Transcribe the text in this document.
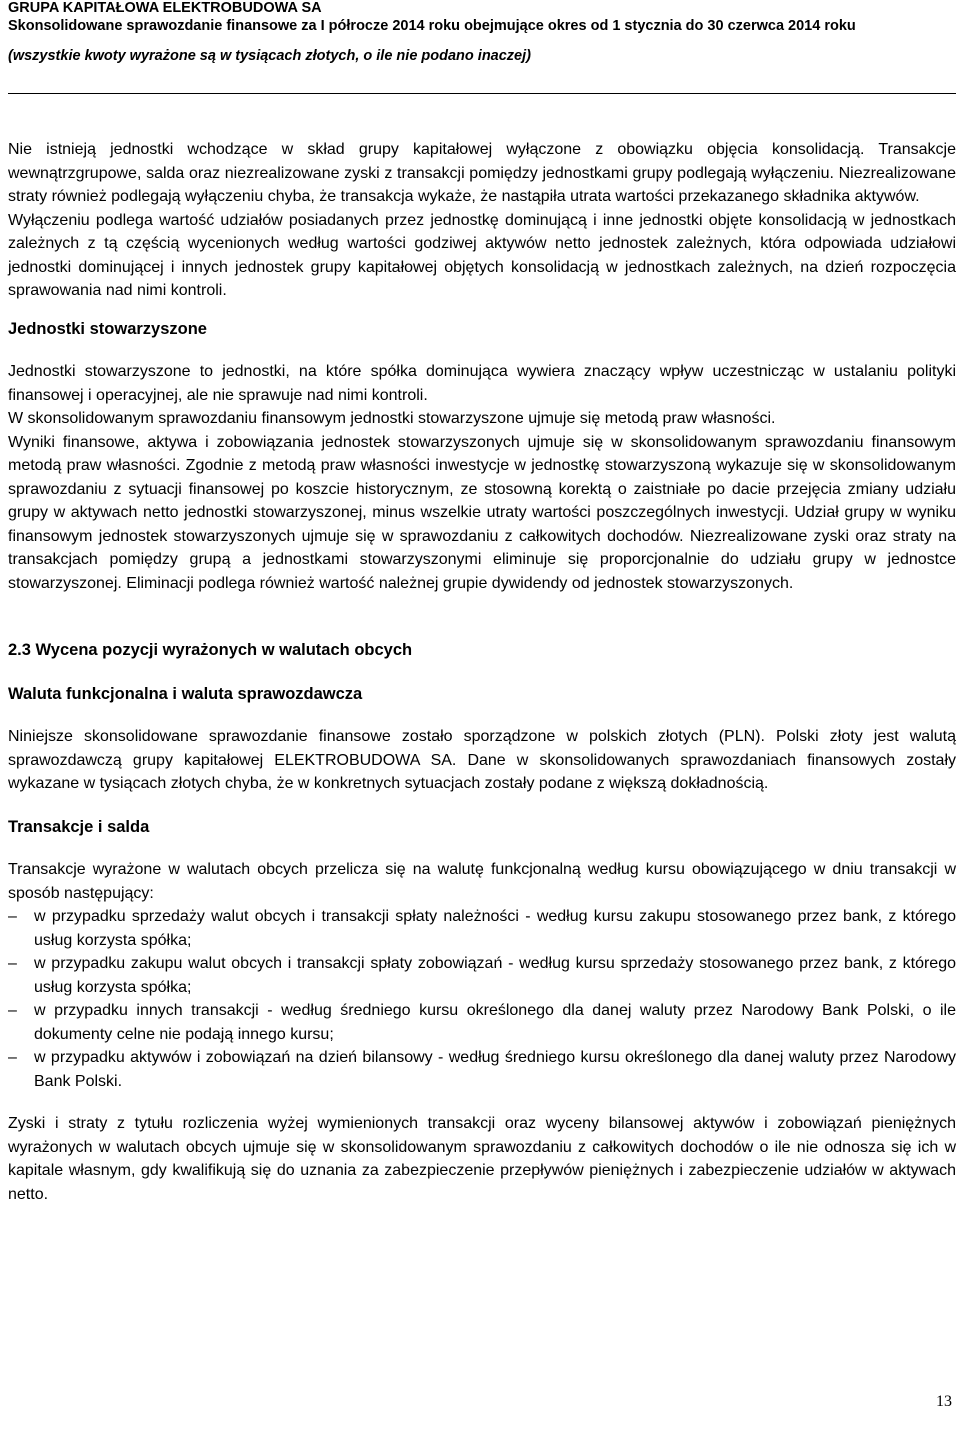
GRUPA KAPITAŁOWA ELEKTROBUDOWA SA

Skonsolidowane sprawozdanie finansowe za I półrocze 2014 roku obejmujące okres od 1 stycznia do 30 czerwca 2014 roku

(wszystkie kwoty wyrażone są w tysiącach złotych, o ile nie podano inaczej)

Nie istnieją jednostki wchodzące w skład grupy kapitałowej wyłączone z obowiązku objęcia konsolidacją. Transakcje wewnątrzgrupowe, salda oraz niezrealizowane zyski z transakcji pomiędzy jednostkami grupy podlegają wyłączeniu. Niezrealizowane straty również podlegają wyłączeniu chyba, że transakcja wykaże, że nastąpiła utrata wartości przekazanego składnika aktywów.

Wyłączeniu podlega wartość udziałów posiadanych przez jednostkę dominującą i inne jednostki objęte konsolidacją w jednostkach zależnych z tą częścią wycenionych według wartości godziwej aktywów netto jednostek zależnych, która odpowiada udziałowi jednostki dominującej i innych jednostek grupy kapitałowej objętych konsolidacją w jednostkach zależnych, na dzień rozpoczęcia sprawowania nad nimi kontroli.

Jednostki stowarzyszone

Jednostki stowarzyszone to jednostki, na które spółka dominująca wywiera znaczący wpływ uczestnicząc w ustalaniu polityki finansowej i operacyjnej, ale nie sprawuje nad nimi kontroli.

W skonsolidowanym sprawozdaniu finansowym jednostki stowarzyszone ujmuje się metodą praw własności.

Wyniki finansowe, aktywa i zobowiązania jednostek stowarzyszonych ujmuje się w skonsolidowanym sprawozdaniu finansowym metodą praw własności. Zgodnie z metodą praw własności inwestycje w jednostkę stowarzyszoną wykazuje się w skonsolidowanym sprawozdaniu z sytuacji finansowej po koszcie historycznym, ze stosowną korektą o zaistniałe po dacie przejęcia zmiany udziału grupy w aktywach netto jednostki stowarzyszonej, minus wszelkie utraty wartości poszczególnych inwestycji. Udział grupy w wyniku finansowym jednostek stowarzyszonych ujmuje się w sprawozdaniu z całkowitych dochodów. Niezrealizowane zyski oraz straty na transakcjach pomiędzy grupą a jednostkami stowarzyszonymi eliminuje się proporcjonalnie do udziału grupy w jednostce stowarzyszonej. Eliminacji podlega również wartość należnej grupie dywidendy od jednostek stowarzyszonych.

2.3 Wycena pozycji wyrażonych w walutach obcych

Waluta funkcjonalna i waluta sprawozdawcza

Niniejsze skonsolidowane sprawozdanie finansowe zostało sporządzone w polskich złotych (PLN). Polski złoty jest walutą sprawozdawczą grupy kapitałowej ELEKTROBUDOWA SA. Dane w skonsolidowanych sprawozdaniach finansowych zostały wykazane w tysiącach złotych chyba, że w konkretnych sytuacjach zostały podane z większą dokładnością.

Transakcje i salda

Transakcje wyrażone w walutach obcych przelicza się na walutę funkcjonalną według kursu obowiązującego w dniu transakcji w sposób następujący:

–	w przypadku sprzedaży walut obcych i transakcji spłaty należności - według kursu zakupu stosowanego przez bank, z którego usług korzysta spółka;
–	w przypadku zakupu walut obcych i transakcji spłaty zobowiązań - według kursu sprzedaży stosowanego przez bank, z którego usług korzysta spółka;
–	w przypadku innych transakcji - według średniego kursu określonego dla danej waluty przez Narodowy Bank Polski, o ile dokumenty celne nie podają innego kursu;
–	w przypadku aktywów i zobowiązań na dzień bilansowy - według średniego kursu określonego dla danej waluty przez Narodowy Bank Polski.

Zyski i straty z tytułu rozliczenia wyżej wymienionych transakcji oraz wyceny bilansowej aktywów i zobowiązań pieniężnych wyrażonych w walutach obcych ujmuje się w skonsolidowanym sprawozdaniu z całkowitych dochodów o ile nie odnosza się ich w kapitale własnym, gdy kwalifikują się do uznania za zabezpieczenie przepływów pieniężnych i zabezpieczenie udziałów w aktywach netto.

13
